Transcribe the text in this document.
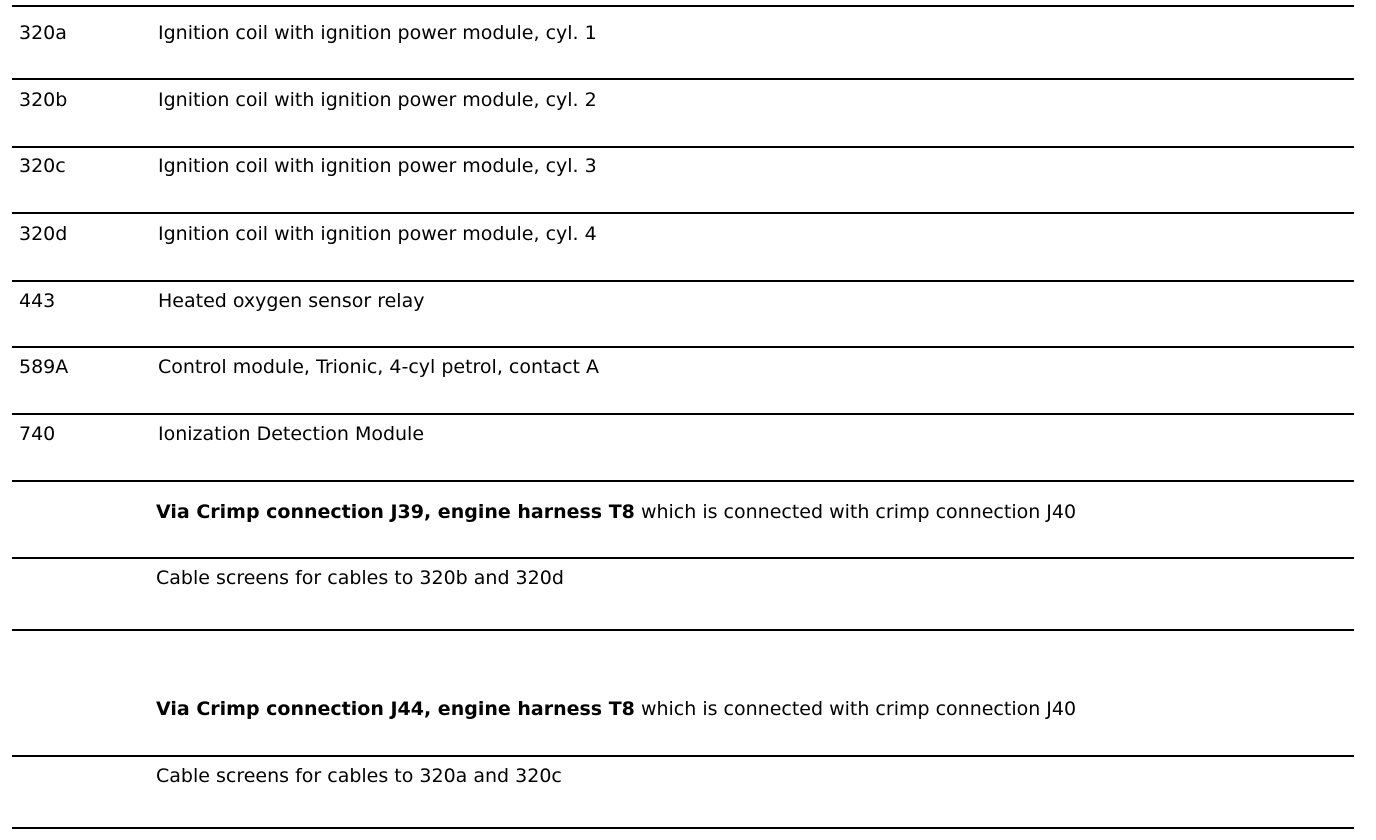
320a	Ignition coil with ignition power module, cyl. 1
320b	Ignition coil with ignition power module, cyl. 2
320c	Ignition coil with ignition power module, cyl. 3
320d	Ignition coil with ignition power module, cyl. 4
443	Heated oxygen sensor relay
589A	Control module, Trionic, 4-cyl petrol, contact A
740	Ionization Detection Module
Via Crimp connection J39, engine harness T8 which is connected with crimp connection J40
Cable screens for cables to 320b and 320d
Via Crimp connection J44, engine harness T8 which is connected with crimp connection J40
Cable screens for cables to 320a and 320c
